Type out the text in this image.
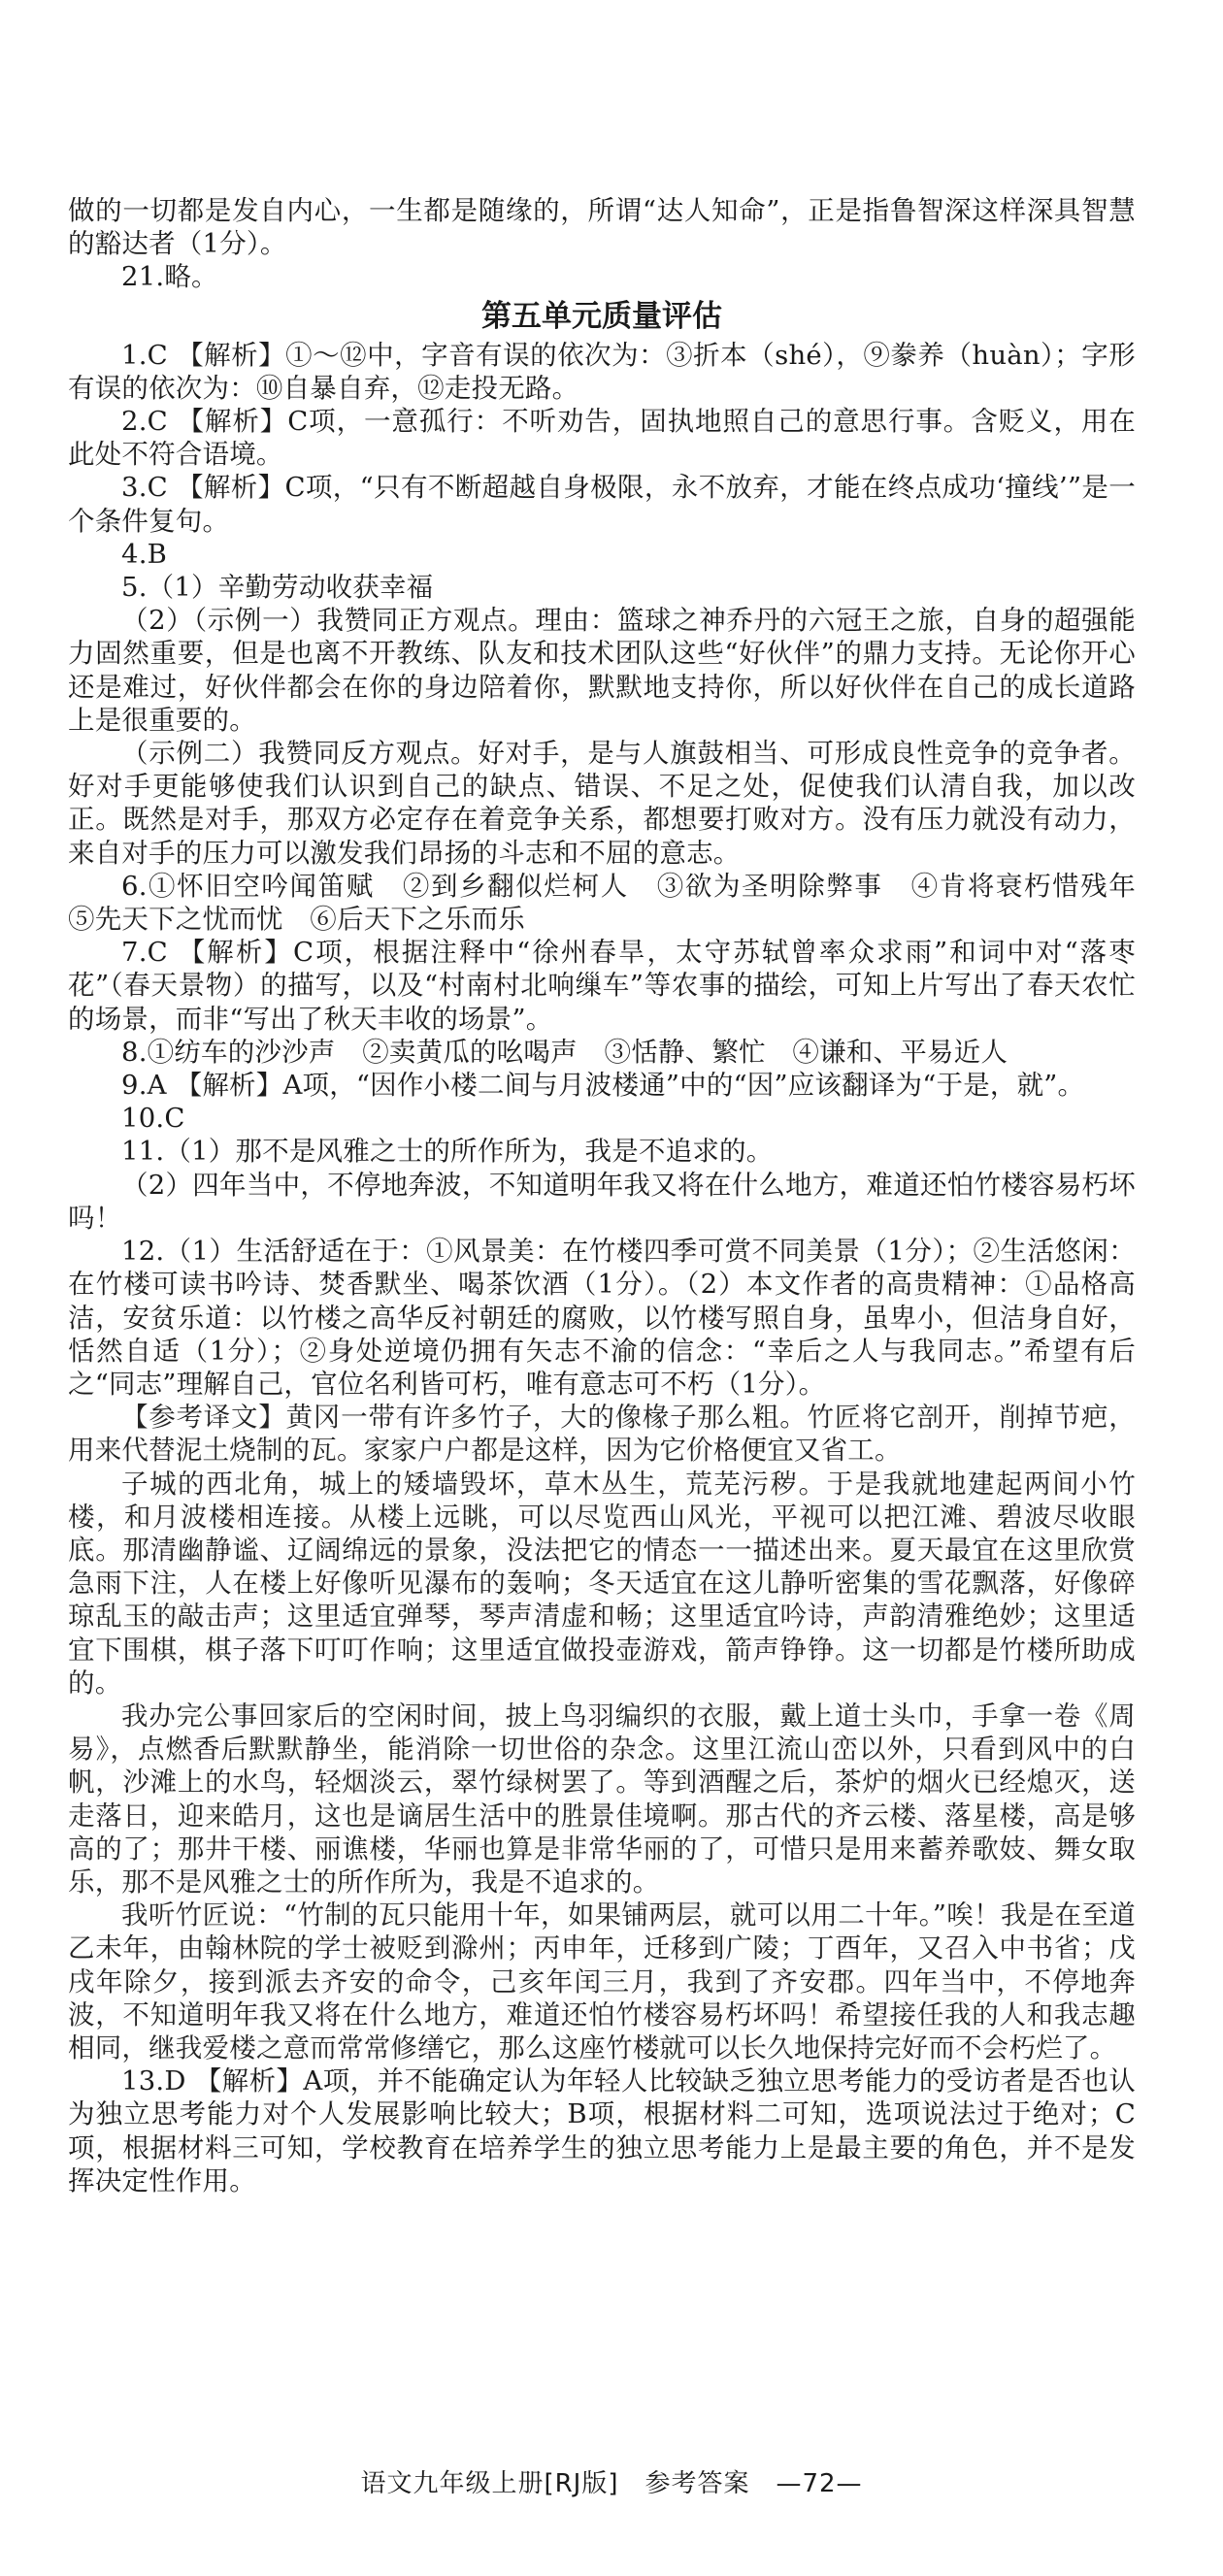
做的一切都是发自内心，一生都是随缘的，所谓“达人知命”，正是指鲁智深这样深具智慧的豁达者（1分）。

21.略。

第五单元质量评估

1.C 【解析】①～⑫中，字音有误的依次为：③折本（shé），⑨豢养（huàn）；字形有误的依次为：⑩自暴自弃，⑫走投无路。

2.C 【解析】C项，一意孤行：不听劝告，固执地照自己的意思行事。含贬义，用在此处不符合语境。

3.C 【解析】C项，“只有不断超越自身极限，永不放弃，才能在终点成功‘撞线’”是一个条件复句。

4.B

5.（1）辛勤劳动收获幸福

（2）（示例一）我赞同正方观点。理由：篮球之神乔丹的六冠王之旅，自身的超强能力固然重要，但是也离不开教练、队友和技术团队这些“好伙伴”的鼎力支持。无论你开心还是难过，好伙伴都会在你的身边陪着你，默默地支持你，所以好伙伴在自己的成长道路上是很重要的。

（示例二）我赞同反方观点。好对手，是与人旗鼓相当、可形成良性竞争的竞争者。好对手更能够使我们认识到自己的缺点、错误、不足之处，促使我们认清自我，加以改正。既然是对手，那双方必定存在着竞争关系，都想要打败对方。没有压力就没有动力，来自对手的压力可以激发我们昂扬的斗志和不屈的意志。

6.①怀旧空吟闻笛赋　②到乡翻似烂柯人　③欲为圣明除弊事　④肯将衰朽惜残年　⑤先天下之忧而忧　⑥后天下之乐而乐

7.C 【解析】C项，根据注释中“徐州春旱，太守苏轼曾率众求雨”和词中对“落枣花”（春天景物）的描写，以及“村南村北响缫车”等农事的描绘，可知上片写出了春天农忙的场景，而非“写出了秋天丰收的场景”。

8.①纺车的沙沙声　②卖黄瓜的吆喝声　③恬静、繁忙　④谦和、平易近人

9.A 【解析】A项，“因作小楼二间与月波楼通”中的“因”应该翻译为“于是，就”。

10.C

11.（1）那不是风雅之士的所作所为，我是不追求的。

（2）四年当中，不停地奔波，不知道明年我又将在什么地方，难道还怕竹楼容易朽坏吗！

12.（1）生活舒适在于：①风景美：在竹楼四季可赏不同美景（1分）；②生活悠闲：在竹楼可读书吟诗、焚香默坐、喝茶饮酒（1分）。（2）本文作者的高贵精神：①品格高洁，安贫乐道：以竹楼之高华反衬朝廷的腐败，以竹楼写照自身，虽卑小，但洁身自好，恬然自适（1分）；②身处逆境仍拥有矢志不渝的信念：“幸后之人与我同志。”希望有后之“同志”理解自己，官位名利皆可朽，唯有意志可不朽（1分）。

【参考译文】黄冈一带有许多竹子，大的像椽子那么粗。竹匠将它剖开，削掉节疤，用来代替泥土烧制的瓦。家家户户都是这样，因为它价格便宜又省工。

子城的西北角，城上的矮墙毁坏，草木丛生，荒芜污秽。于是我就地建起两间小竹楼，和月波楼相连接。从楼上远眺，可以尽览西山风光，平视可以把江滩、碧波尽收眼底。那清幽静谧、辽阔绵远的景象，没法把它的情态一一描述出来。夏天最宜在这里欣赏急雨下注，人在楼上好像听见瀑布的轰响；冬天适宜在这儿静听密集的雪花飘落，好像碎琼乱玉的敲击声；这里适宜弹琴，琴声清虚和畅；这里适宜吟诗，声韵清雅绝妙；这里适宜下围棋，棋子落下叮叮作响；这里适宜做投壶游戏，箭声铮铮。这一切都是竹楼所助成的。

我办完公事回家后的空闲时间，披上鸟羽编织的衣服，戴上道士头巾，手拿一卷《周易》，点燃香后默默静坐，能消除一切世俗的杂念。这里江流山峦以外，只看到风中的白帆，沙滩上的水鸟，轻烟淡云，翠竹绿树罢了。等到酒醒之后，茶炉的烟火已经熄灭，送走落日，迎来皓月，这也是谪居生活中的胜景佳境啊。那古代的齐云楼、落星楼，高是够高的了；那井干楼、丽谯楼，华丽也算是非常华丽的了，可惜只是用来蓄养歌妓、舞女取乐，那不是风雅之士的所作所为，我是不追求的。

我听竹匠说：“竹制的瓦只能用十年，如果铺两层，就可以用二十年。”唉！我是在至道乙未年，由翰林院的学士被贬到滁州；丙申年，迁移到广陵；丁酉年，又召入中书省；戊戌年除夕，接到派去齐安的命令，己亥年闰三月，我到了齐安郡。四年当中，不停地奔波，不知道明年我又将在什么地方，难道还怕竹楼容易朽坏吗！希望接任我的人和我志趣相同，继我爱楼之意而常常修缮它，那么这座竹楼就可以长久地保持完好而不会朽烂了。

13.D 【解析】A项，并不能确定认为年轻人比较缺乏独立思考能力的受访者是否也认为独立思考能力对个人发展影响比较大；B项，根据材料二可知，选项说法过于绝对；C项，根据材料三可知，学校教育在培养学生的独立思考能力上是最主要的角色，并不是发挥决定性作用。

语文九年级上册[RJ版]　参考答案　—72—
